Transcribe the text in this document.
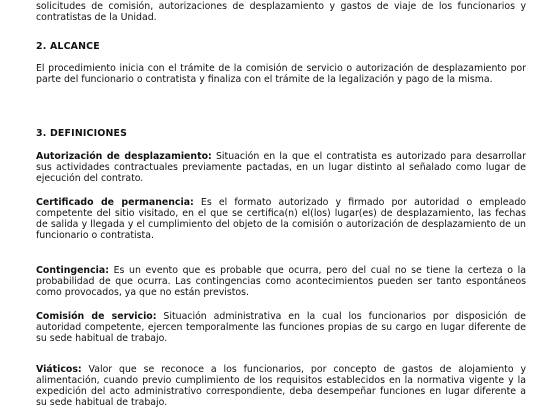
solicitudes de comisión, autorizaciones de desplazamiento y gastos de viaje de los funcionarios y contratistas de la Unidad.

2. ALCANCE

El procedimiento inicia con el trámite de la comisión de servicio o autorización de desplazamiento por parte del funcionario o contratista y finaliza con el trámite de la legalización y pago de la misma.

3. DEFINICIONES

Autorización de desplazamiento: Situación en la que el contratista es autorizado para desarrollar sus actividades contractuales previamente pactadas, en un lugar distinto al señalado como lugar de ejecución del contrato.

Certificado de permanencia: Es el formato autorizado y firmado por autoridad o empleado competente del sitio visitado, en el que se certifica(n) el(los) lugar(es) de desplazamiento, las fechas de salida y llegada y el cumplimiento del objeto de la comisión o autorización de desplazamiento de un funcionario o contratista.

Contingencia: Es un evento que es probable que ocurra, pero del cual no se tiene la certeza o la probabilidad de que ocurra. Las contingencias como acontecimientos pueden ser tanto espontáneos como provocados, ya que no están previstos.

Comisión de servicio: Situación administrativa en la cual los funcionarios por disposición de autoridad competente, ejercen temporalmente las funciones propias de su cargo en lugar diferente de su sede habitual de trabajo.

Viáticos: Valor que se reconoce a los funcionarios, por concepto de gastos de alojamiento y alimentación, cuando previo cumplimiento de los requisitos establecidos en la normativa vigente y la expedición del acto administrativo correspondiente, deba desempeñar funciones en lugar diferente a su sede habitual de trabajo.
